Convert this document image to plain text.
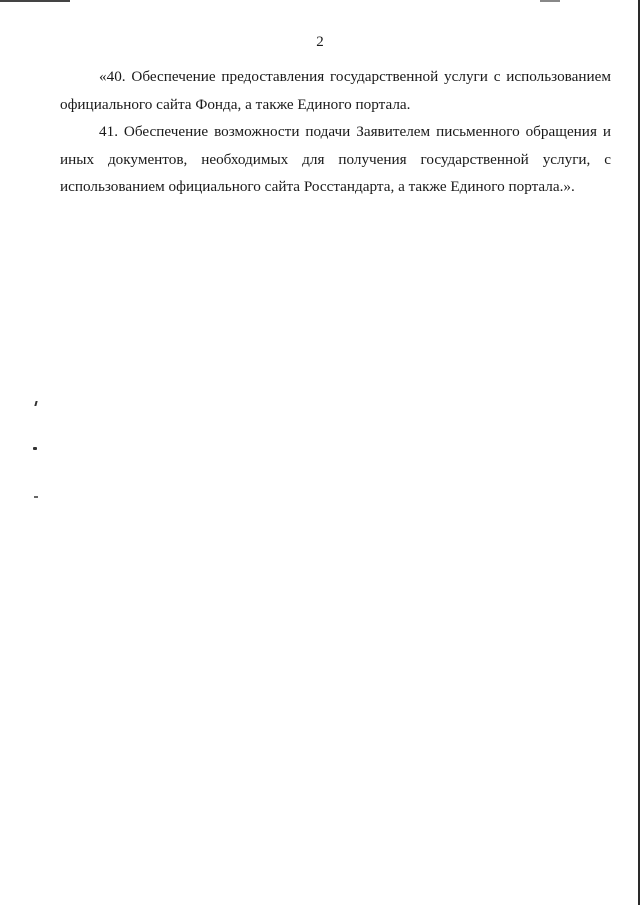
2

«40. Обеспечение предоставления государственной услуги с использованием официального сайта Фонда, а также Единого портала.

41. Обеспечение возможности подачи Заявителем письменного обращения и иных документов, необходимых для получения государственной услуги, с использованием официального сайта Росстандарта, а также Единого портала.».
